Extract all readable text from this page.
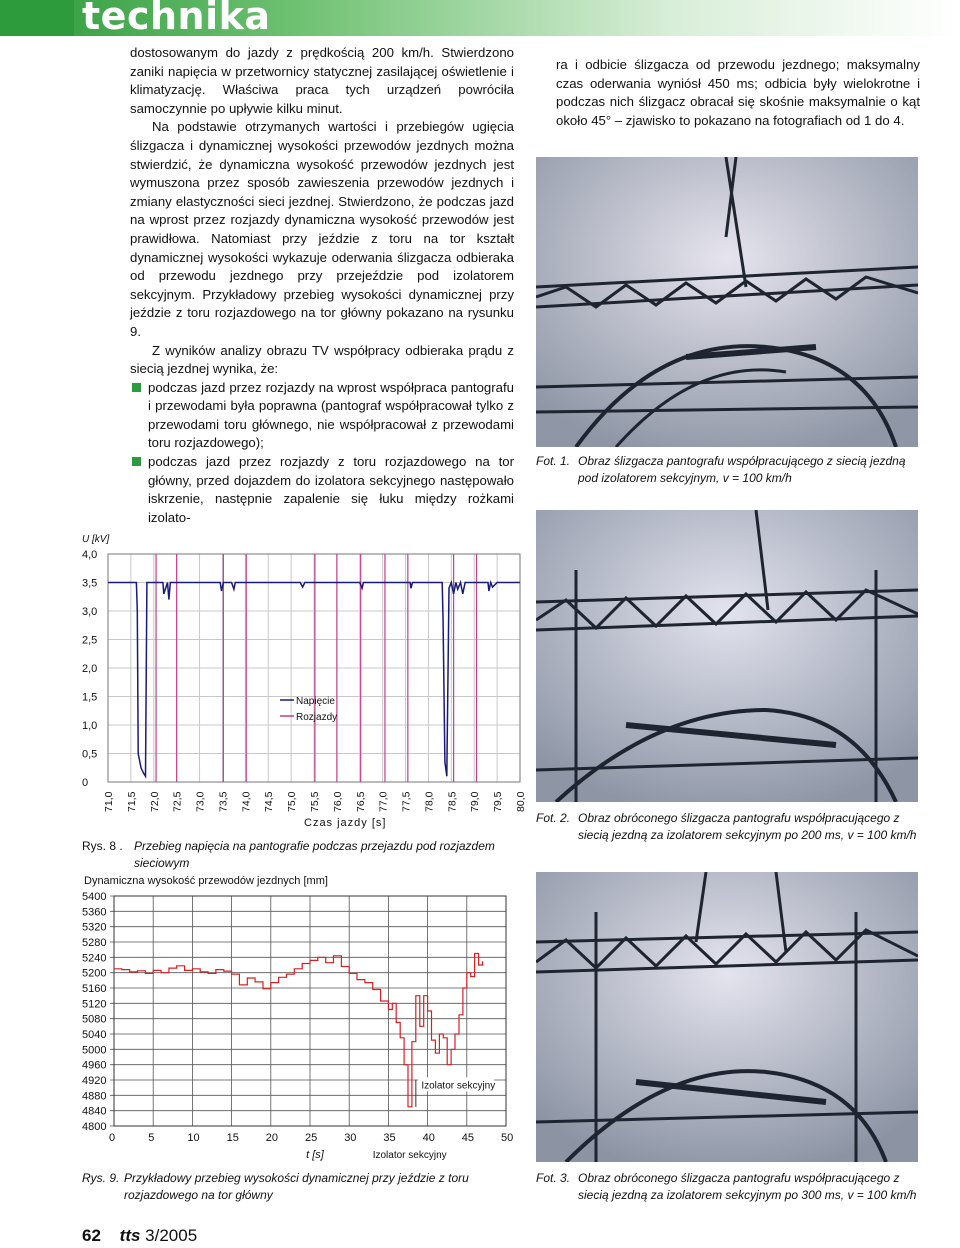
technika

dostosowanym do jazdy z prędkością 200 km/h. Stwierdzono zaniki napięcia w przetwornicy statycznej zasilającej oświetlenie i klimatyzację. Właściwa praca tych urządzeń powróciła samoczynnie po upływie kilku minut.

Na podstawie otrzymanych wartości i przebiegów ugięcia ślizgacza i dynamicznej wysokości przewodów jezdnych można stwierdzić, że dynamiczna wysokość przewodów jezdnych jest wymuszona przez sposób zawieszenia przewodów jezdnych i zmiany elastyczności sieci jezdnej. Stwierdzono, że podczas jazd na wprost przez rozjazdy dynamiczna wysokość przewodów jest prawidłowa. Natomiast przy jeździe z toru na tor kształt dynamicznej wysokości wykazuje oderwania ślizgacza odbieraka od przewodu jezdnego przy przejeździe pod izolatorem sekcyjnym. Przykładowy przebieg wysokości dynamicznej przy jeździe z toru rozjazdowego na tor główny pokazano na rysunku 9.

Z wyników analizy obrazu TV współpracy odbieraka prądu z siecią jezdnej wynika, że:

podczas jazd przez rozjazdy na wprost współpraca pantografu i przewodami była poprawna (pantograf współpracował tylko z przewodami toru głównego, nie współpracował z przewodami toru rozjazdowego);
podczas jazd przez rozjazdy z toru rozjazdowego na tor główny, przed dojazdem do izolatora sekcyjnego następowało iskrzenie, następnie zapalenie się łuku między rożkami izolato-

ra i odbicie ślizgacza od przewodu jezdnego; maksymalny czas oderwania wyniósł 450 ms; odbicia były wielokrotne i podczas nich ślizgacz obracał się skośnie maksymalnie o kąt około 45° – zjawisko to pokazano na fotografiach od 1 do 4.

Fot. 1. Obraz ślizgacza pantografu współpracującego z siecią jezdną pod izolatorem sekcyjnym, v = 100 km/h
Fot. 2. Obraz obróconego ślizgacza pantografu współpracującego z siecią jezdną za izolatorem sekcyjnym po 200 ms, v = 100 km/h
Fot. 3. Obraz obróconego ślizgacza pantografu współpracującego z siecią jezdną za izolatorem sekcyjnym po 300 ms, v = 100 km/h
71,0 71,5 72,0 72,5 73,0 73,5 74,0 74,5 75,0 75,5 76,0 76,5 77,0 77,5 78,0 78,5 79,0 79,5 80,0
4,0
3,5
3,0
2,5
2,0
1,5
1,0
0,5
0
U [kV]
Czas jazdy [s]
Napięcie
Rozjazdy
Rys. 8 . Przebieg napięcia na pantografie podczas przejazdu pod rozjazdem sieciowym
Dynamiczna wysokość przewodów jezdnych [mm]
0	5	10 15 20 25 30 35 40 45 50
5400
5360
5320
5280
5240
5200
5160
5120
5080
5040
5000
4960
4920
4880
4840
4800
t [s]	Izolator sekcyjny
Izolator sekcyjny
Rys. 9. Przykładowy przebieg wysokości dynamicznej przy jeździe z toru rozjazdowego na tor główny
62 tts 3/2005
